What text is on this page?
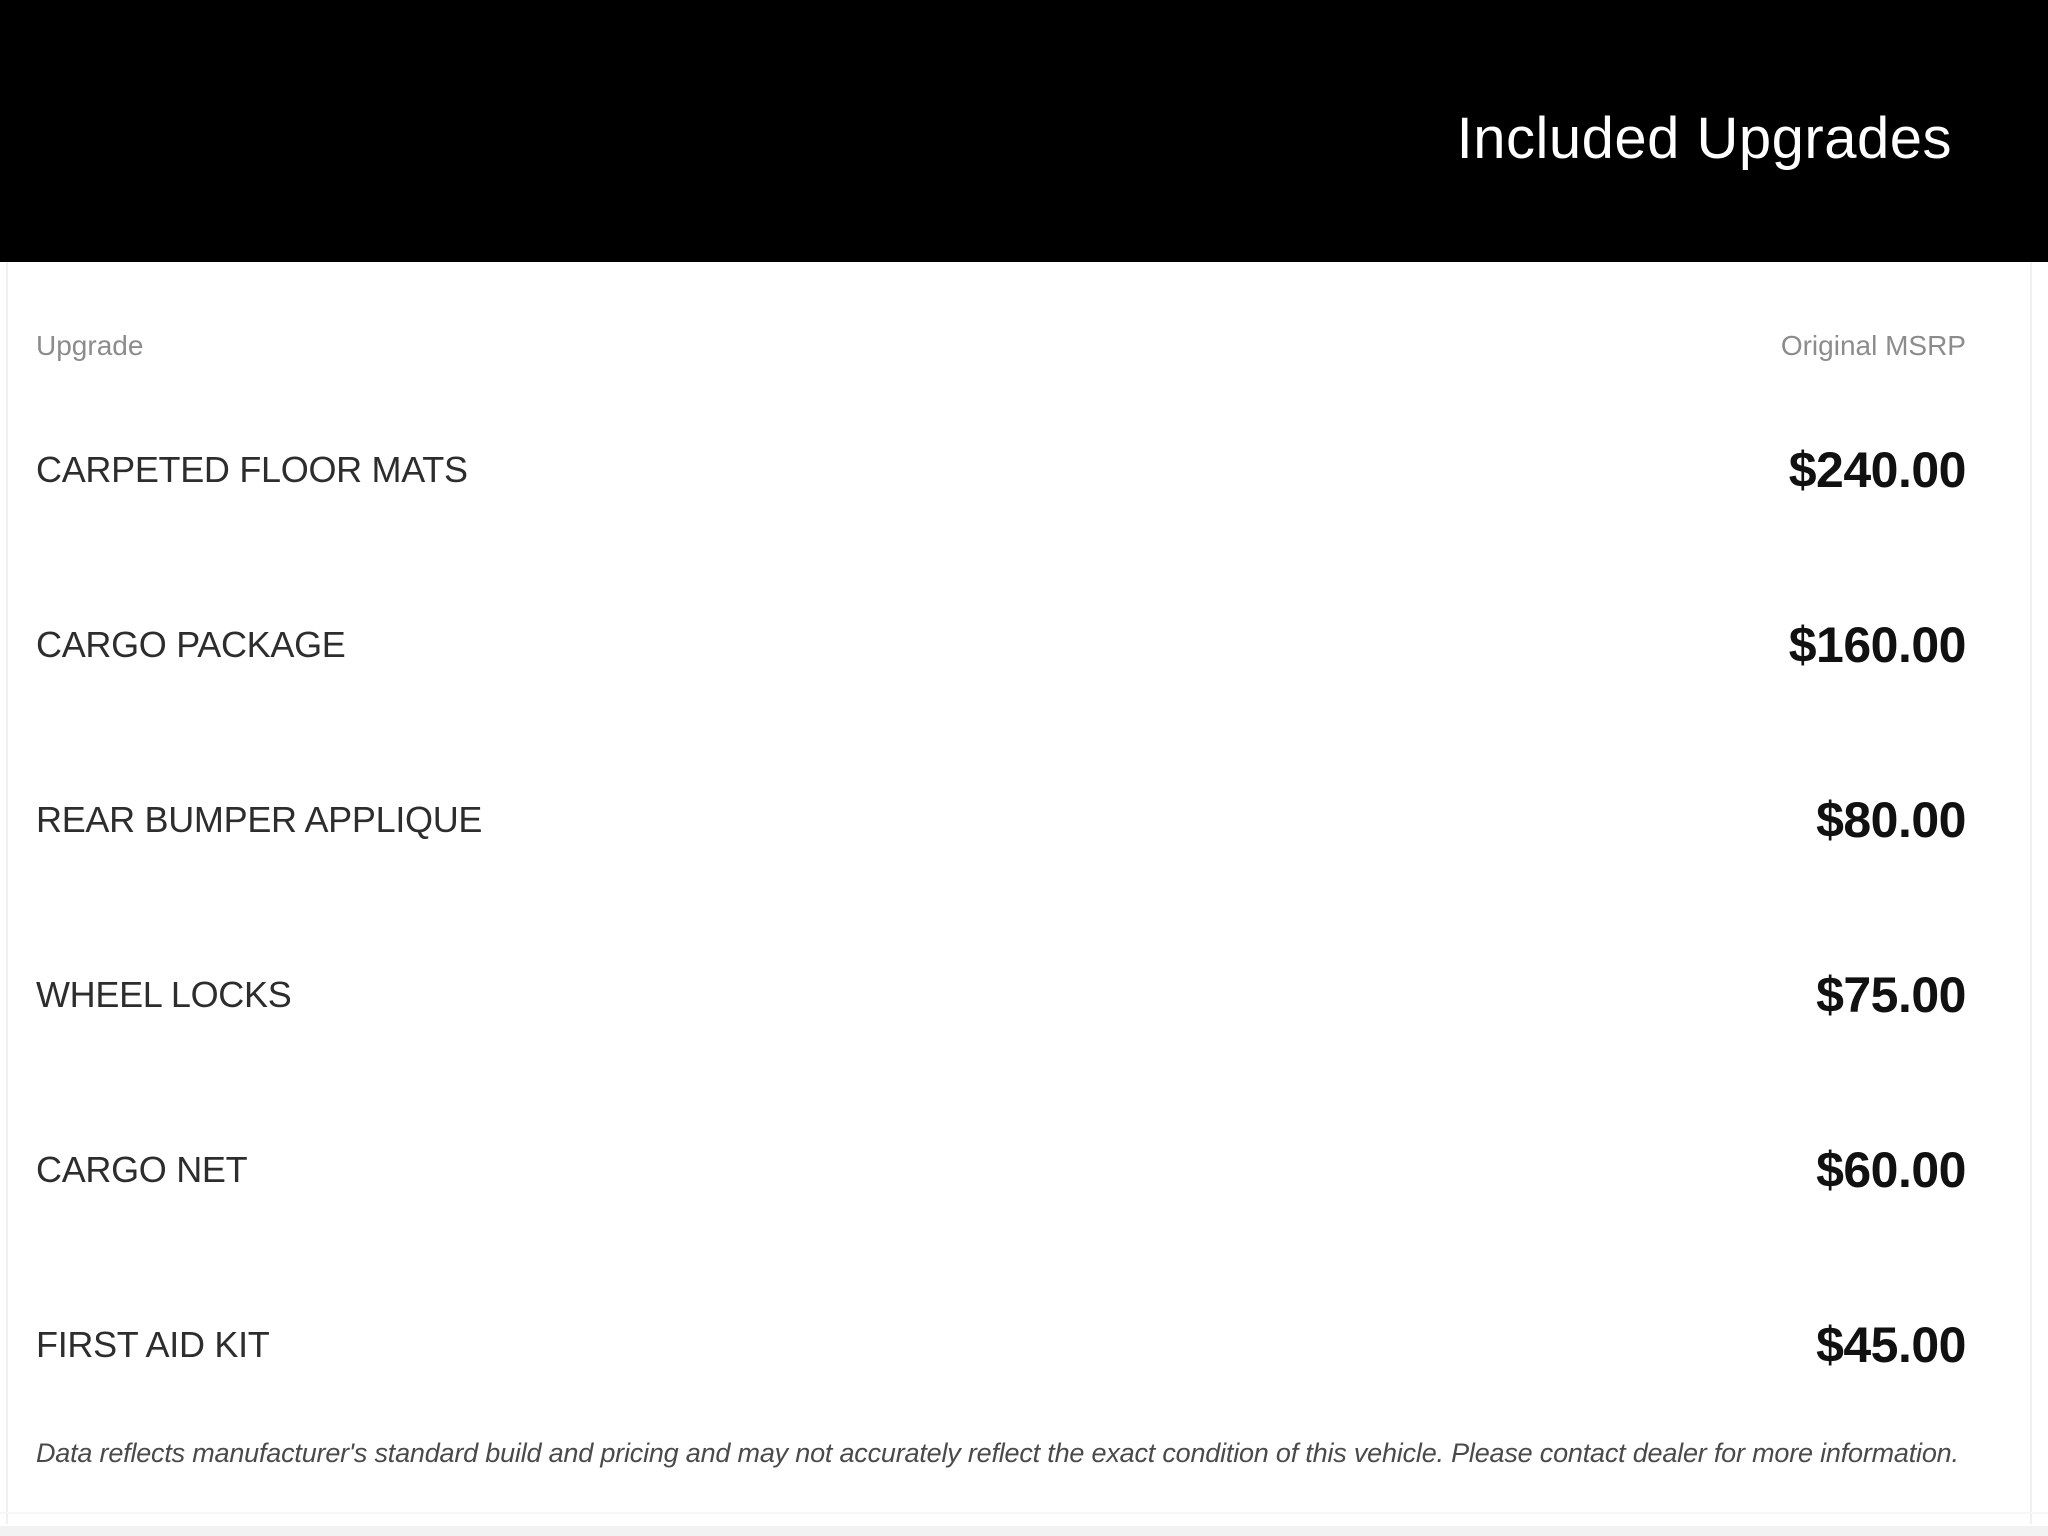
Included Upgrades
Upgrade	Original MSRP
CARPETED FLOOR MATS	$240.00
CARGO PACKAGE	$160.00
REAR BUMPER APPLIQUE	$80.00
WHEEL LOCKS	$75.00
CARGO NET	$60.00
FIRST AID KIT	$45.00
Data reflects manufacturer's standard build and pricing and may not accurately reflect the exact condition of this vehicle. Please contact dealer for more information.
